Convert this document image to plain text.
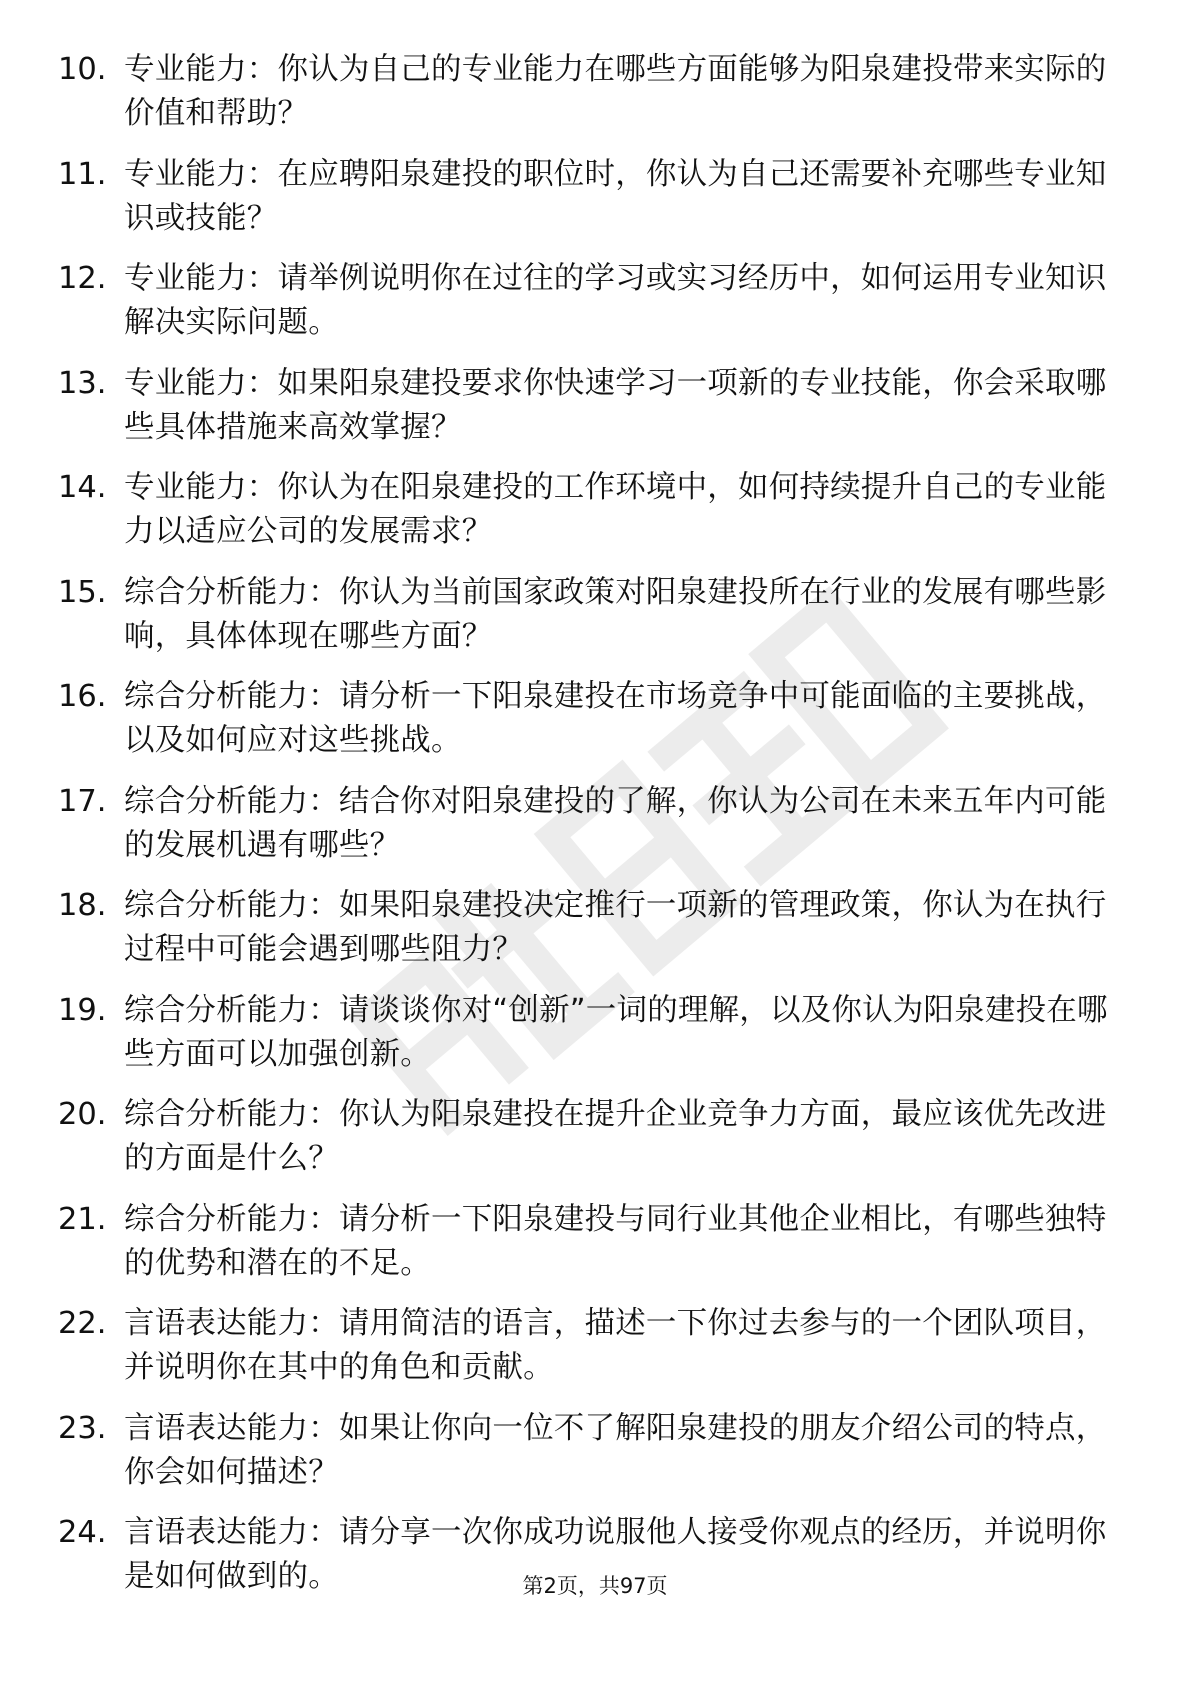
10. 专业能力：你认为自己的专业能力在哪些方面能够为阳泉建投带来实际的价值和帮助？
11. 专业能力：在应聘阳泉建投的职位时，你认为自己还需要补充哪些专业知识或技能？
12. 专业能力：请举例说明你在过往的学习或实习经历中，如何运用专业知识解决实际问题。
13. 专业能力：如果阳泉建投要求你快速学习一项新的专业技能，你会采取哪些具体措施来高效掌握？
14. 专业能力：你认为在阳泉建投的工作环境中，如何持续提升自己的专业能力以适应公司的发展需求？
15. 综合分析能力：你认为当前国家政策对阳泉建投所在行业的发展有哪些影响，具体体现在哪些方面？
16. 综合分析能力：请分析一下阳泉建投在市场竞争中可能面临的主要挑战，以及如何应对这些挑战。
17. 综合分析能力：结合你对阳泉建投的了解，你认为公司在未来五年内可能的发展机遇有哪些？
18. 综合分析能力：如果阳泉建投决定推行一项新的管理政策，你认为在执行过程中可能会遇到哪些阻力？
19. 综合分析能力：请谈谈你对“创新”一词的理解，以及你认为阳泉建投在哪些方面可以加强创新。
20. 综合分析能力：你认为阳泉建投在提升企业竞争力方面，最应该优先改进的方面是什么？
21. 综合分析能力：请分析一下阳泉建投与同行业其他企业相比，有哪些独特的优势和潜在的不足。
22. 言语表达能力：请用简洁的语言，描述一下你过去参与的一个团队项目，并说明你在其中的角色和贡献。
23. 言语表达能力：如果让你向一位不了解阳泉建投的朋友介绍公司的特点，你会如何描述？
24. 言语表达能力：请分享一次你成功说服他人接受你观点的经历，并说明你是如何做到的。	第2页，共97页
